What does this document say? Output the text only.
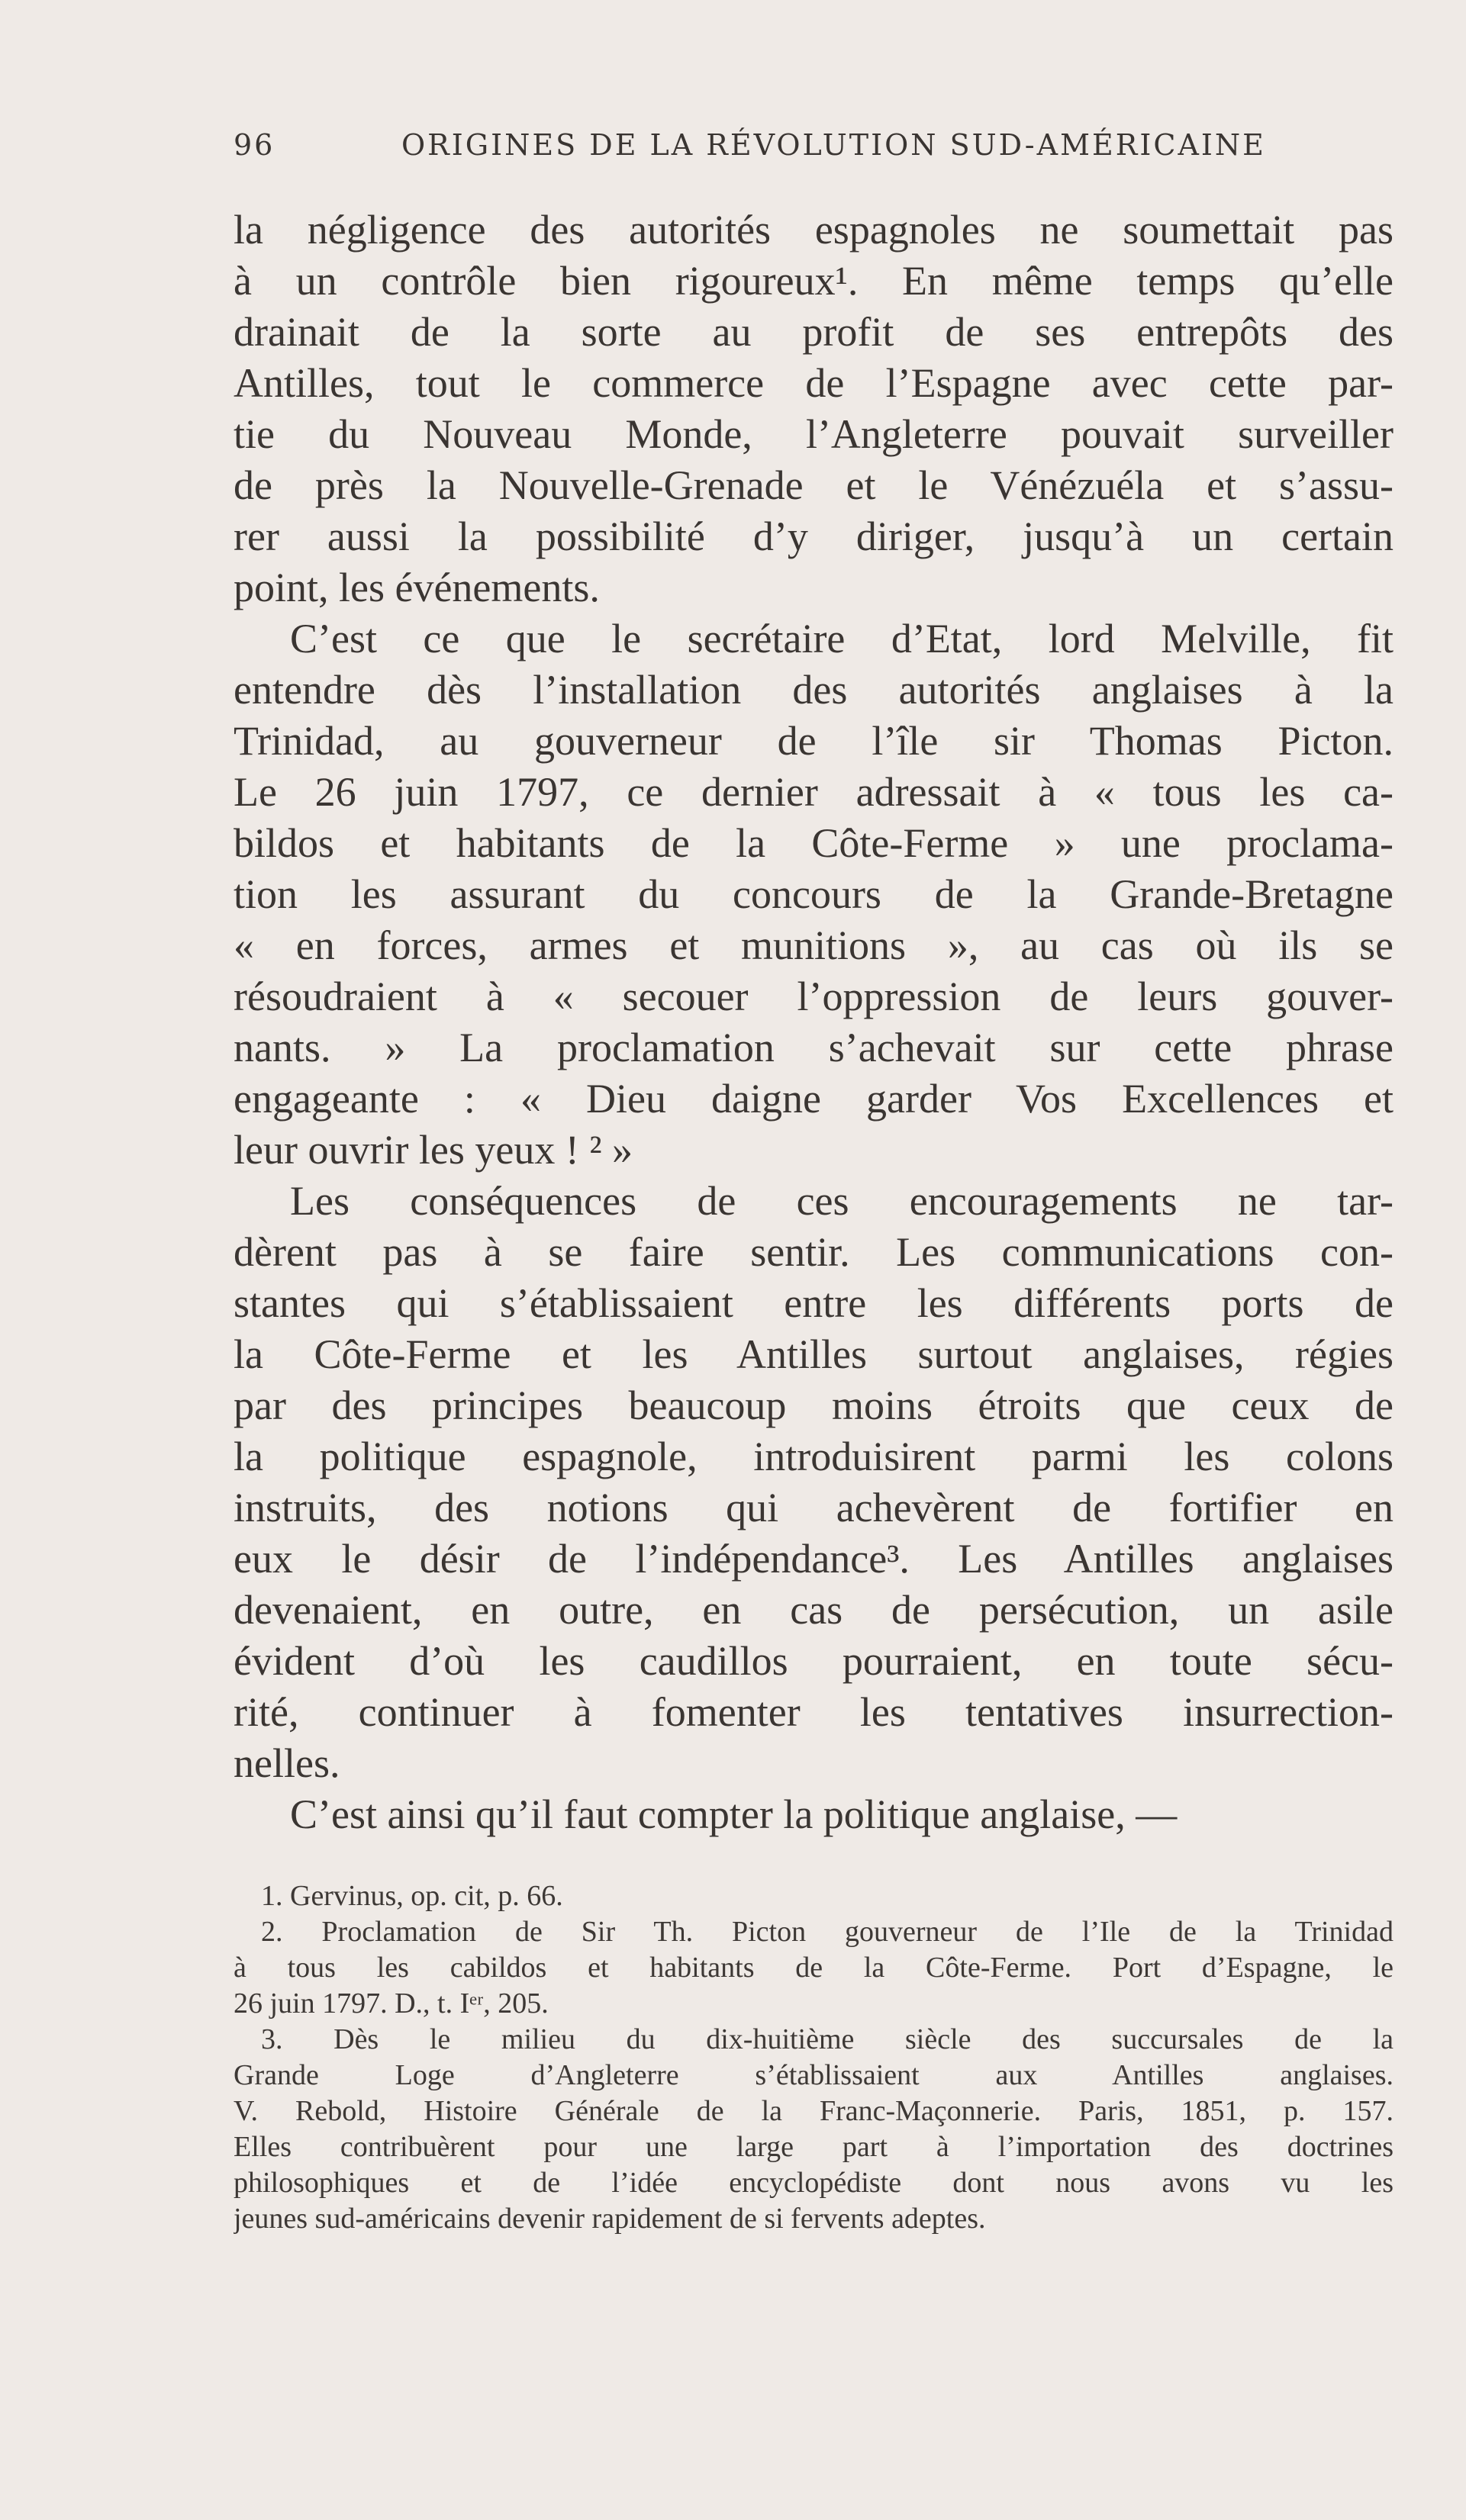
96	ORIGINES DE LA RÉVOLUTION SUD-AMÉRICAINE
la négligence des autorités espagnoles ne soumettait pas
à un contrôle bien rigoureux¹. En même temps qu’elle
drainait de la sorte au profit de ses entrepôts des
Antilles, tout le commerce de l’Espagne avec cette par-
tie du Nouveau Monde, l’Angleterre pouvait surveiller
de près la Nouvelle-Grenade et le Vénézuéla et s’assu-
rer aussi la possibilité d’y diriger, jusqu’à un certain
point, les événements.
C’est ce que le secrétaire d’Etat, lord Melville, fit
entendre dès l’installation des autorités anglaises à la
Trinidad, au gouverneur de l’île sir Thomas Picton.
Le 26 juin 1797, ce dernier adressait à « tous les ca-
bildos et habitants de la Côte-Ferme » une proclama-
tion les assurant du concours de la Grande-Bretagne
« en forces, armes et munitions », au cas où ils se
résoudraient à « secouer l’oppression de leurs gouver-
nants. » La proclamation s’achevait sur cette phrase
engageante : « Dieu daigne garder Vos Excellences et
leur ouvrir les yeux ! ² »
Les conséquences de ces encouragements ne tar-
dèrent pas à se faire sentir. Les communications con-
stantes qui s’établissaient entre les différents ports de
la Côte-Ferme et les Antilles surtout anglaises, régies
par des principes beaucoup moins étroits que ceux de
la politique espagnole, introduisirent parmi les colons
instruits, des notions qui achevèrent de fortifier en
eux le désir de l’indépendance³. Les Antilles anglaises
devenaient, en outre, en cas de persécution, un asile
évident d’où les caudillos pourraient, en toute sécu-
rité, continuer à fomenter les tentatives insurrection-
nelles.
C’est ainsi qu’il faut compter la politique anglaise, —
1. Gervinus, op. cit, p. 66.
2. Proclamation de Sir Th. Picton gouverneur de l’Ile de la Trinidad
à tous les cabildos et habitants de la Côte-Ferme. Port d’Espagne, le
26 juin 1797. D., t. Iᵉʳ, 205.
3. Dès le milieu du dix-huitième siècle des succursales de la
Grande Loge d’Angleterre s’établissaient aux Antilles anglaises.
V. Rebold, Histoire Générale de la Franc-Maçonnerie. Paris, 1851, p. 157.
Elles contribuèrent pour une large part à l’importation des doctrines
philosophiques et de l’idée encyclopédiste dont nous avons vu les
jeunes sud-américains devenir rapidement de si fervents adeptes.
